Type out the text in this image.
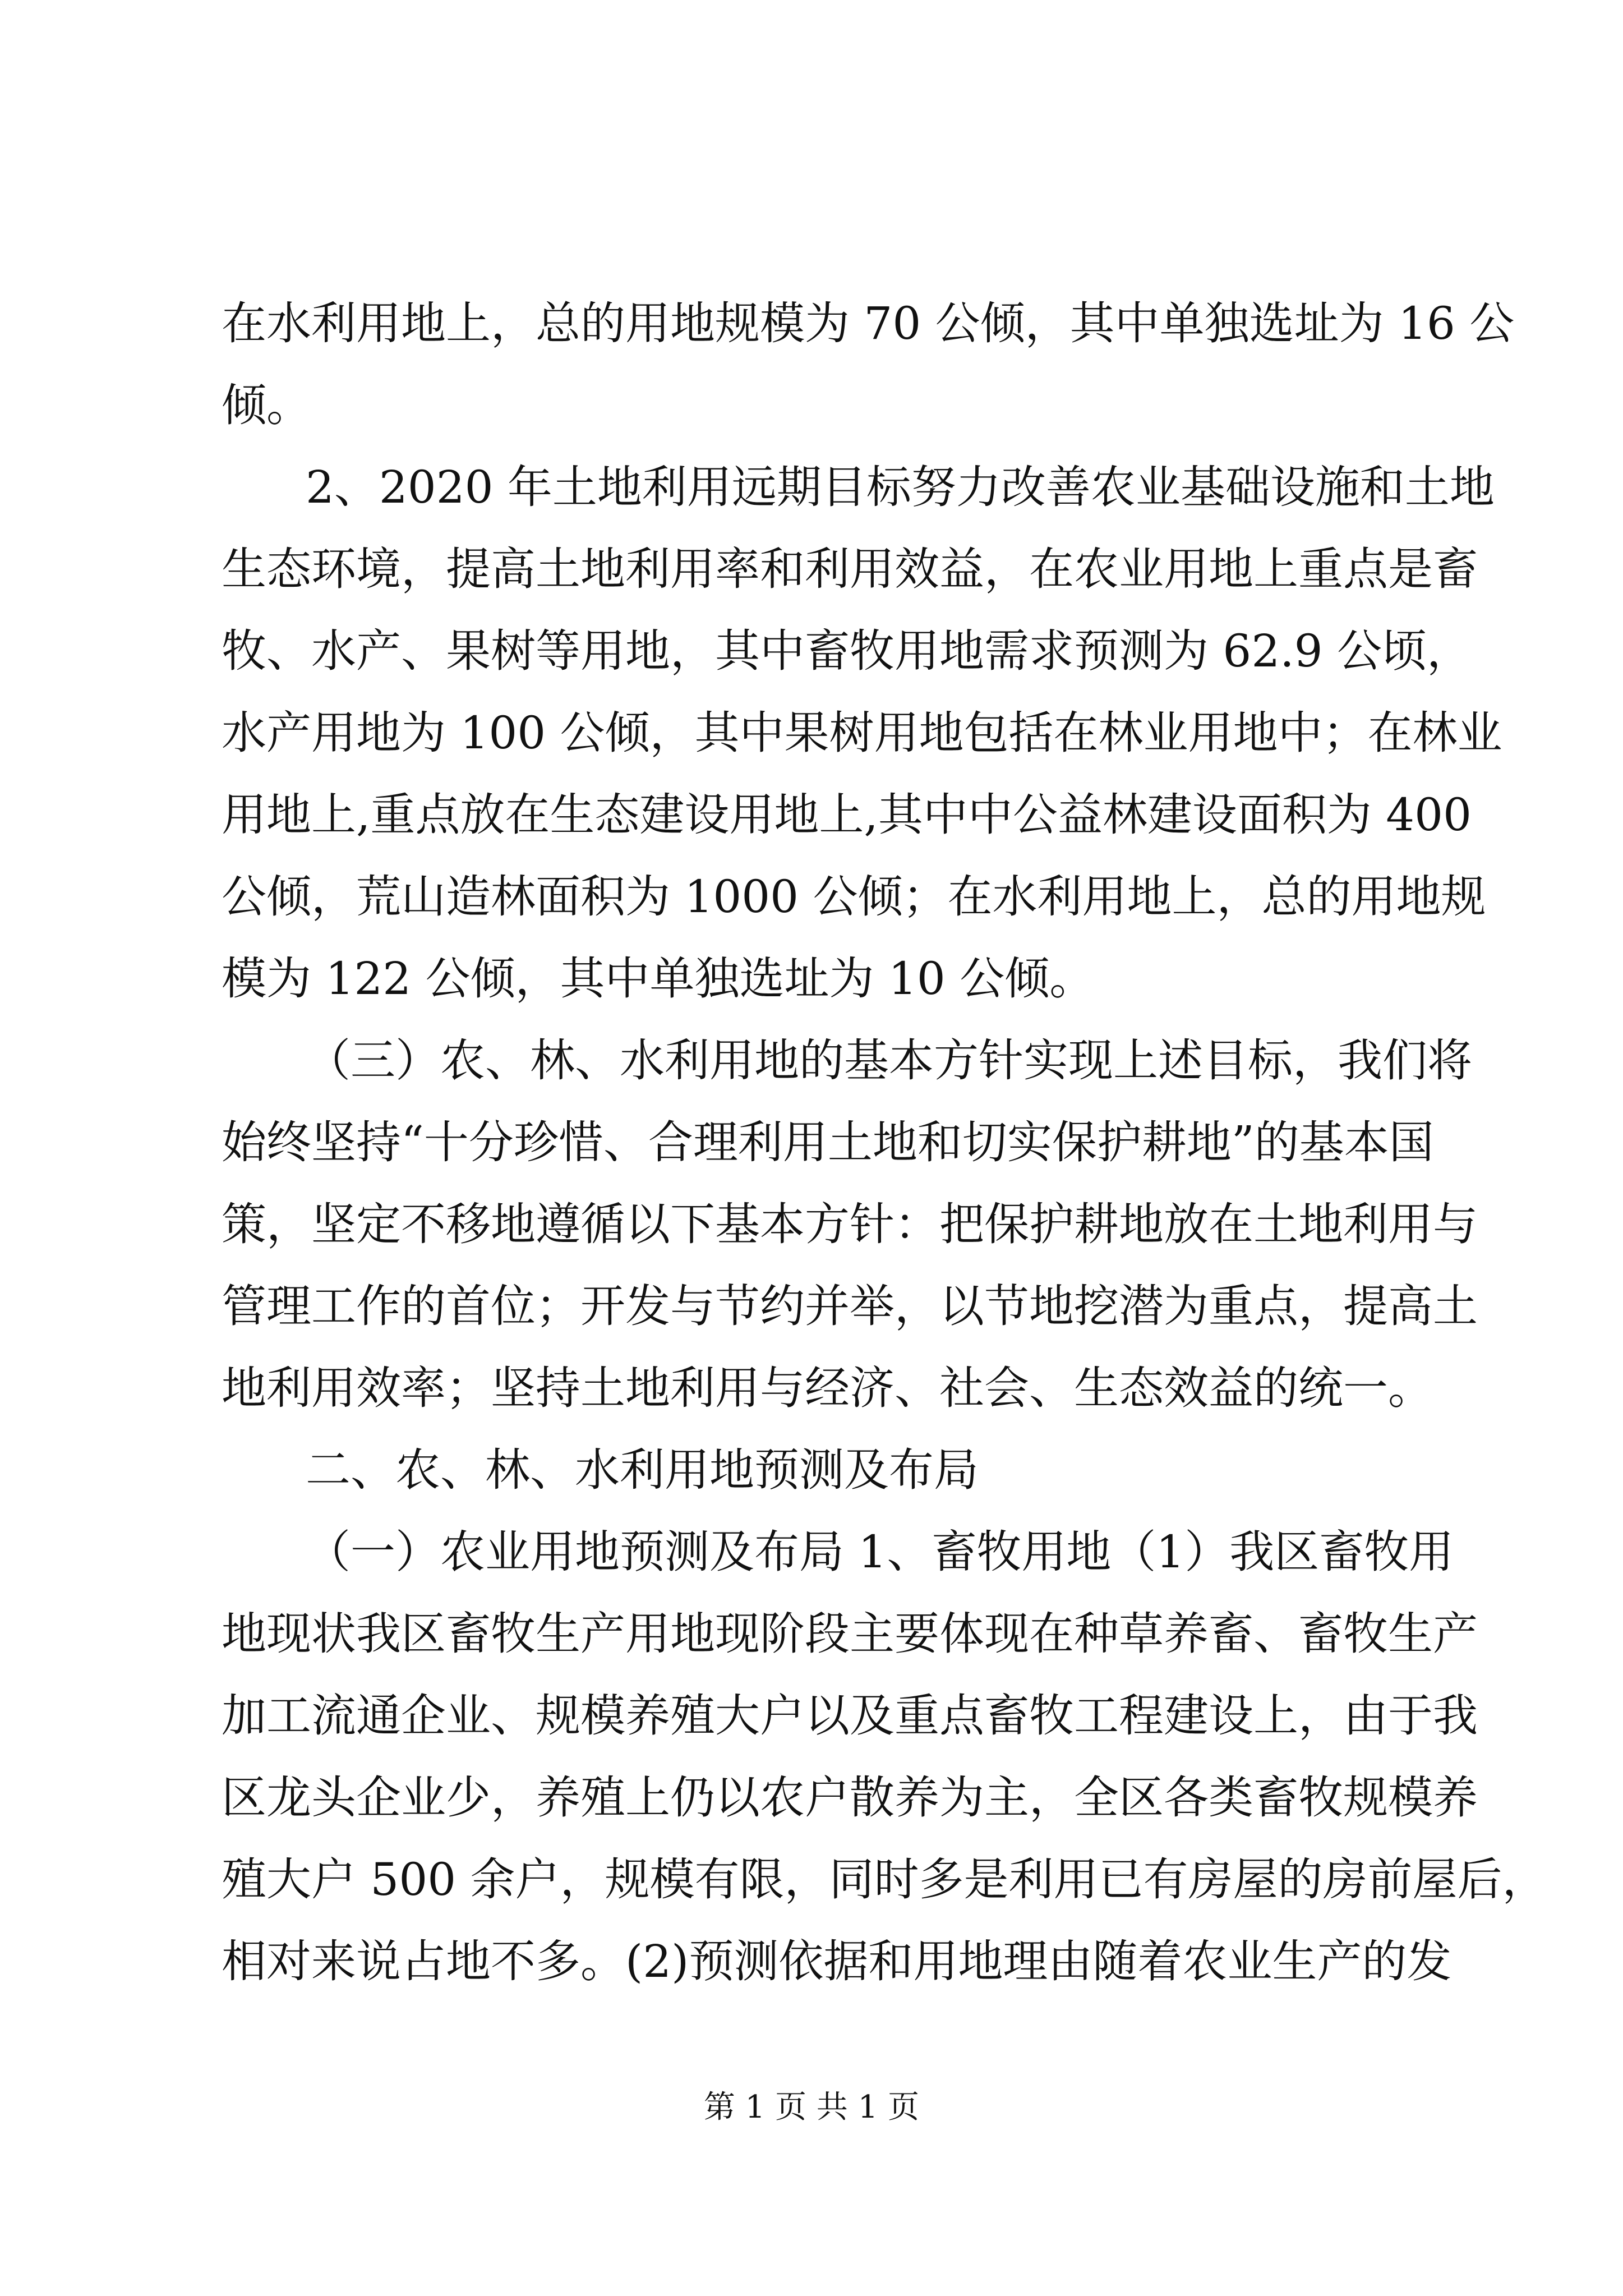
在水利用地上，总的用地规模为 70 公倾，其中单独选址为 16 公
倾。
2、2020 年土地利用远期目标努力改善农业基础设施和土地
生态环境，提高土地利用率和利用效益，在农业用地上重点是畜
牧、水产、果树等用地，其中畜牧用地需求预测为 62.9 公顷，
水产用地为 100 公倾，其中果树用地包括在林业用地中；在林业
用地上,重点放在生态建设用地上,其中中公益林建设面积为 400
公倾，荒山造林面积为 1000 公倾；在水利用地上，总的用地规
模为 122 公倾，其中单独选址为 10 公倾。
（三）农、林、水利用地的基本方针实现上述目标，我们将
始终坚持“十分珍惜、合理利用土地和切实保护耕地”的基本国
策，坚定不移地遵循以下基本方针：把保护耕地放在土地利用与
管理工作的首位；开发与节约并举，以节地挖潜为重点，提高土
地利用效率；坚持土地利用与经济、社会、生态效益的统一。
二、农、林、水利用地预测及布局
（一）农业用地预测及布局 1、畜牧用地（1）我区畜牧用
地现状我区畜牧生产用地现阶段主要体现在种草养畜、畜牧生产
加工流通企业、规模养殖大户以及重点畜牧工程建设上，由于我
区龙头企业少，养殖上仍以农户散养为主，全区各类畜牧规模养
殖大户 500 余户，规模有限，同时多是利用已有房屋的房前屋后，
相对来说占地不多。(2)预测依据和用地理由随着农业生产的发
第 1 页 共 1 页
